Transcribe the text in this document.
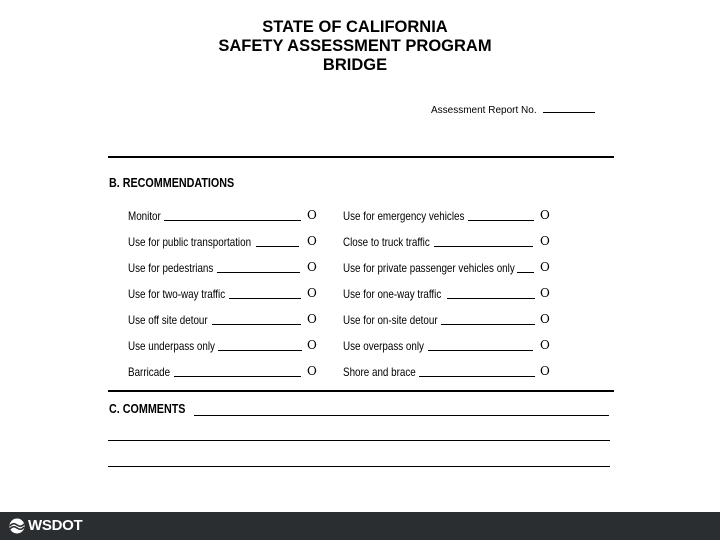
STATE OF CALIFORNIA
SAFETY ASSESSMENT PROGRAM
BRIDGE
Assessment Report No.
B. RECOMMENDATIONS
Monitor	O Use for emergency vehicles	O
Use for public transportation	O Close to truck traffic	O
Use for pedestrians	O Use for private passenger vehicles only O
Use for two-way traffic	O Use for one-way traffic	O
Use off site detour	O Use for on-site detour	O
Use underpass only	O Use overpass only	O
Barricade	O Shore and brace	O
C. COMMENTS
WSDOT
